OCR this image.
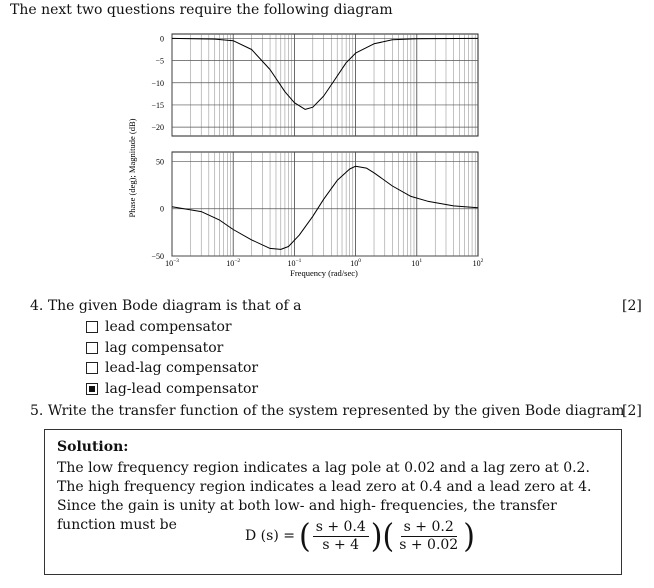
The next two questions require the following diagram
0
−5
−10
−15
−20
50
0
−50
$10^{-3}$	$10^{-2}$	$10^{-1}$	$10^0$	$10^1$	$10^2$
Phase (deg); Magnitude (dB)
Frequency (rad/sec)
4. The given Bode diagram is that of a	[2]
lead compensator
lag compensator
lead-lag compensator
lag-lead compensator
5. Write the transfer function of the system represented by the given Bode diagram
[2]
Solution:
The low frequency region indicates a lag pole at 0.02 and a lag zero at 0.2. The high frequency region indicates a lead zero at 0.4 and a lead zero at 4. Since the gain is unity at both low- and high- frequencies, the transfer function must be
D (s) = ( $\frac{s + 0.4}{s + 4}$ ) ( $\frac{s + 0.2}{s + 0.02}$ )
